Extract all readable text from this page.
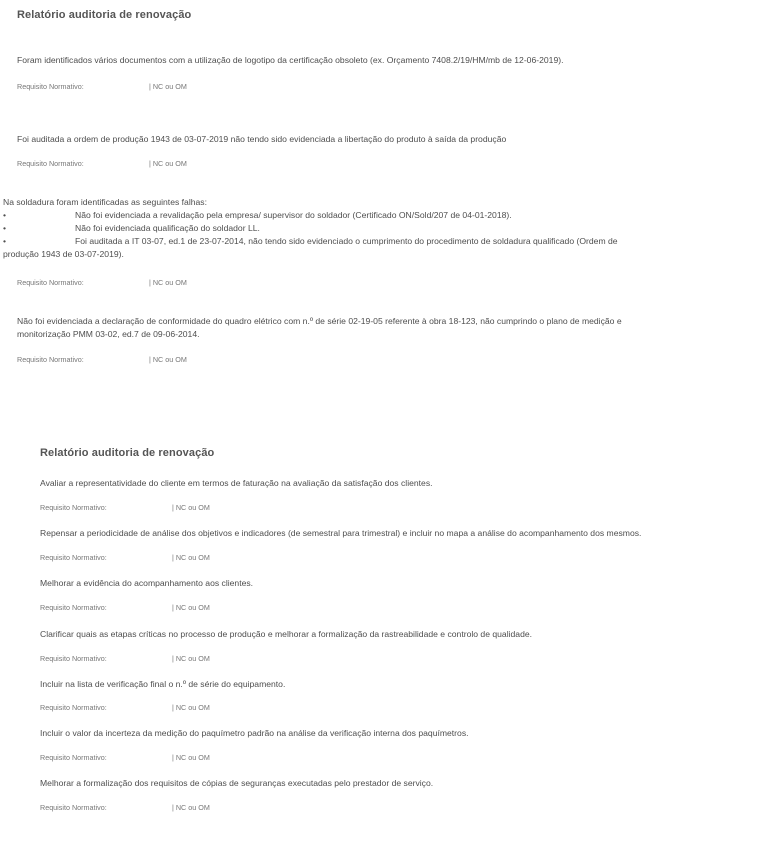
Relatório auditoria de renovação

Foram identificados vários documentos com a utilização de logotipo da certificação obsoleto (ex. Orçamento 7408.2/19/HM/mb de 12-06-2019).

Requisito Normativo:	| NC ou OM

Foi auditada a ordem de produção 1943 de 03-07-2019 não tendo sido evidenciada a libertação do produto à saída da produção

Requisito Normativo:	| NC ou OM

Na soldadura foram identificadas as seguintes falhas:

•	Não foi evidenciada a revalidação pela empresa/ supervisor do soldador (Certificado ON/Sold/207 de 04-01-2018).
•	Não foi evidenciada qualificação do soldador LL.
•	Foi auditada a IT 03-07, ed.1 de 23-07-2014, não tendo sido evidenciado o cumprimento do procedimento de soldadura qualificado (Ordem de

produção 1943 de 03-07-2019).

Requisito Normativo:	| NC ou OM

Não foi evidenciada a declaração de conformidade do quadro elétrico com n.º de série 02-19-05 referente à obra 18-123, não cumprindo o plano de medição e

monitorização PMM 03-02, ed.7 de 09-06-2014.

Requisito Normativo:	| NC ou OM
Relatório auditoria de renovação

Avaliar a representatividade do cliente em termos de faturação na avaliação da satisfação dos clientes.

Requisito Normativo:	| NC ou OM

Repensar a periodicidade de análise dos objetivos e indicadores (de semestral para trimestral) e incluir no mapa a análise do acompanhamento dos mesmos.

Requisito Normativo:	| NC ou OM

Melhorar a evidência do acompanhamento aos clientes.

Requisito Normativo:	| NC ou OM

Clarificar quais as etapas críticas no processo de produção e melhorar a formalização da rastreabilidade e controlo de qualidade.

Requisito Normativo:	| NC ou OM

Incluir na lista de verificação final o n.º de série do equipamento.

Requisito Normativo:	| NC ou OM

Incluir o valor da incerteza da medição do paquímetro padrão na análise da verificação interna dos paquímetros.

Requisito Normativo:	| NC ou OM

Melhorar a formalização dos requisitos de cópias de seguranças executadas pelo prestador de serviço.

Requisito Normativo:	| NC ou OM
